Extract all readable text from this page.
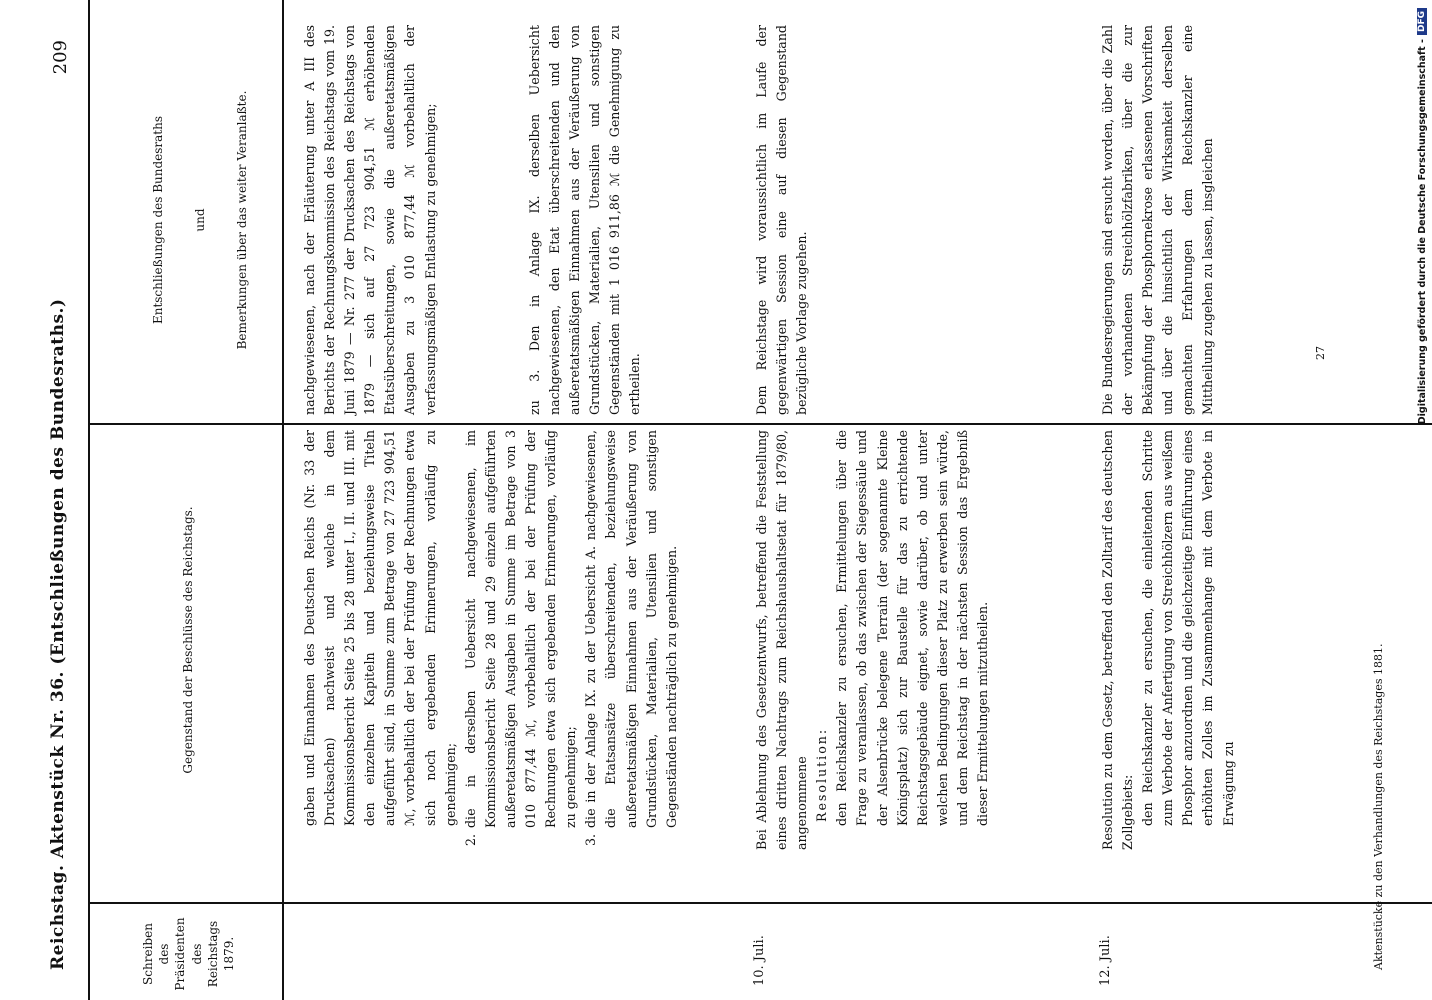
Reichstag. Aktenstück Nr. 36. (Entschließungen des Bundesraths.)
209
Schreiben des Präsidenten des Reichstags 1879.
Gegenstand der Beschlüsse des Reichstags.
Entschließungen des Bundesraths und Bemerkungen über das weiter Veranlaßte.
gaben und Einnahmen des Deutschen Reichs (Nr. 33 der Drucksachen) nachweist und welche in dem Kommissionsbericht Seite 25 bis 28 unter I., II. und III. mit den einzelnen Kapiteln und beziehungsweise Titeln aufgeführt sind, in Summe zum Betrage von 27 723 904,51 ℳ, vorbehaltlich der bei der Prüfung der Rechnungen etwa sich noch ergebenden Erinnerungen, vorläufig zu genehmigen;
2.
die in derselben Uebersicht nachgewiesenen, im Kommissionsbericht Seite 28 und 29 einzeln aufgeführten außeretatsmäßigen Ausgaben in Summe im Betrage von 3 010 877,44 ℳ, vorbehaltlich der bei der Prüfung der Rechnungen etwa sich ergebenden Erinnerungen, vorläufig zu genehmigen;
3.
die in der Anlage IX. zu der Uebersicht A. nachgewiesenen, die Etatsansätze überschreitenden, beziehungsweise außeretatsmäßigen Einnahmen aus der Veräußerung von Grundstücken, Materialien, Utensilien und sonstigen Gegenständen nachträglich zu genehmigen.
nachgewiesenen, nach der Erläuterung unter A III des Berichts der Rechnungskommission des Reichstags vom 19. Juni 1879 — Nr. 277 der Drucksachen des Reichstags von 1879 — sich auf 27 723 904,51 ℳ erhöhenden Etatsüberschreitungen, sowie die außeretatsmäßigen Ausgaben zu 3 010 877,44 ℳ vorbehaltlich der verfassungsmäßigen Entlastung zu genehmigen;	zu 3. Den in Anlage IX. derselben Uebersicht nachgewiesenen, den Etat überschreitenden und den außeretatsmäßigen Einnahmen aus der Veräußerung von Grundstücken, Materialien, Utensilien und sonstigen Gegenständen mit 1 016 911,86 ℳ die Genehmigung zu ertheilen.
10. Juli.
Bei Ablehnung des Gesetzentwurfs, betreffend die Feststellung eines dritten Nachtrags zum Reichshaushaltsetat für 1879/80, angenommene Resolution: den Reichskanzler zu ersuchen, Ermittelungen über die Frage zu veranlassen, ob das zwischen der Siegessäule und der Alsenbrücke belegene Terrain (der sogenannte Kleine Königsplatz) sich zur Baustelle für das zu errichtende Reichstagsgebäude eignet, sowie darüber, ob und unter welchen Bedingungen dieser Platz zu erwerben sein würde, und dem Reichstag in der nächsten Session das Ergebniß dieser Ermittelungen mitzutheilen.
Dem Reichstage wird voraussichtlich im Laufe der gegenwärtigen Session eine auf diesen Gegenstand bezügliche Vorlage zugehen.
12. Juli.
Resolution zu dem Gesetz, betreffend den Zolltarif des deutschen Zollgebiets: den Reichskanzler zu ersuchen, die einleitenden Schritte zum Verbote der Anfertigung von Streichhölzern aus weißem Phosphor anzuordnen und die gleichzeitige Einführung eines erhöhten Zolles im Zusammenhange mit dem Verbote in Erwägung zu
Die Bundesregierungen sind ersucht worden, über die Zahl der vorhandenen Streichhölzfabriken, über die zur Bekämpfung der Phosphornekrose erlassenen Vorschriften und über die hinsichtlich der Wirksamkeit derselben gemachten Erfahrungen dem Reichskanzler eine Mittheilung zugehen zu lassen, insgleichen
Aktenstücke zu den Verhandlungen des Reichstages 1881.
27	Digitalisierung gefördert durch die Deutsche Forschungsgemeinschaft -
DFG
